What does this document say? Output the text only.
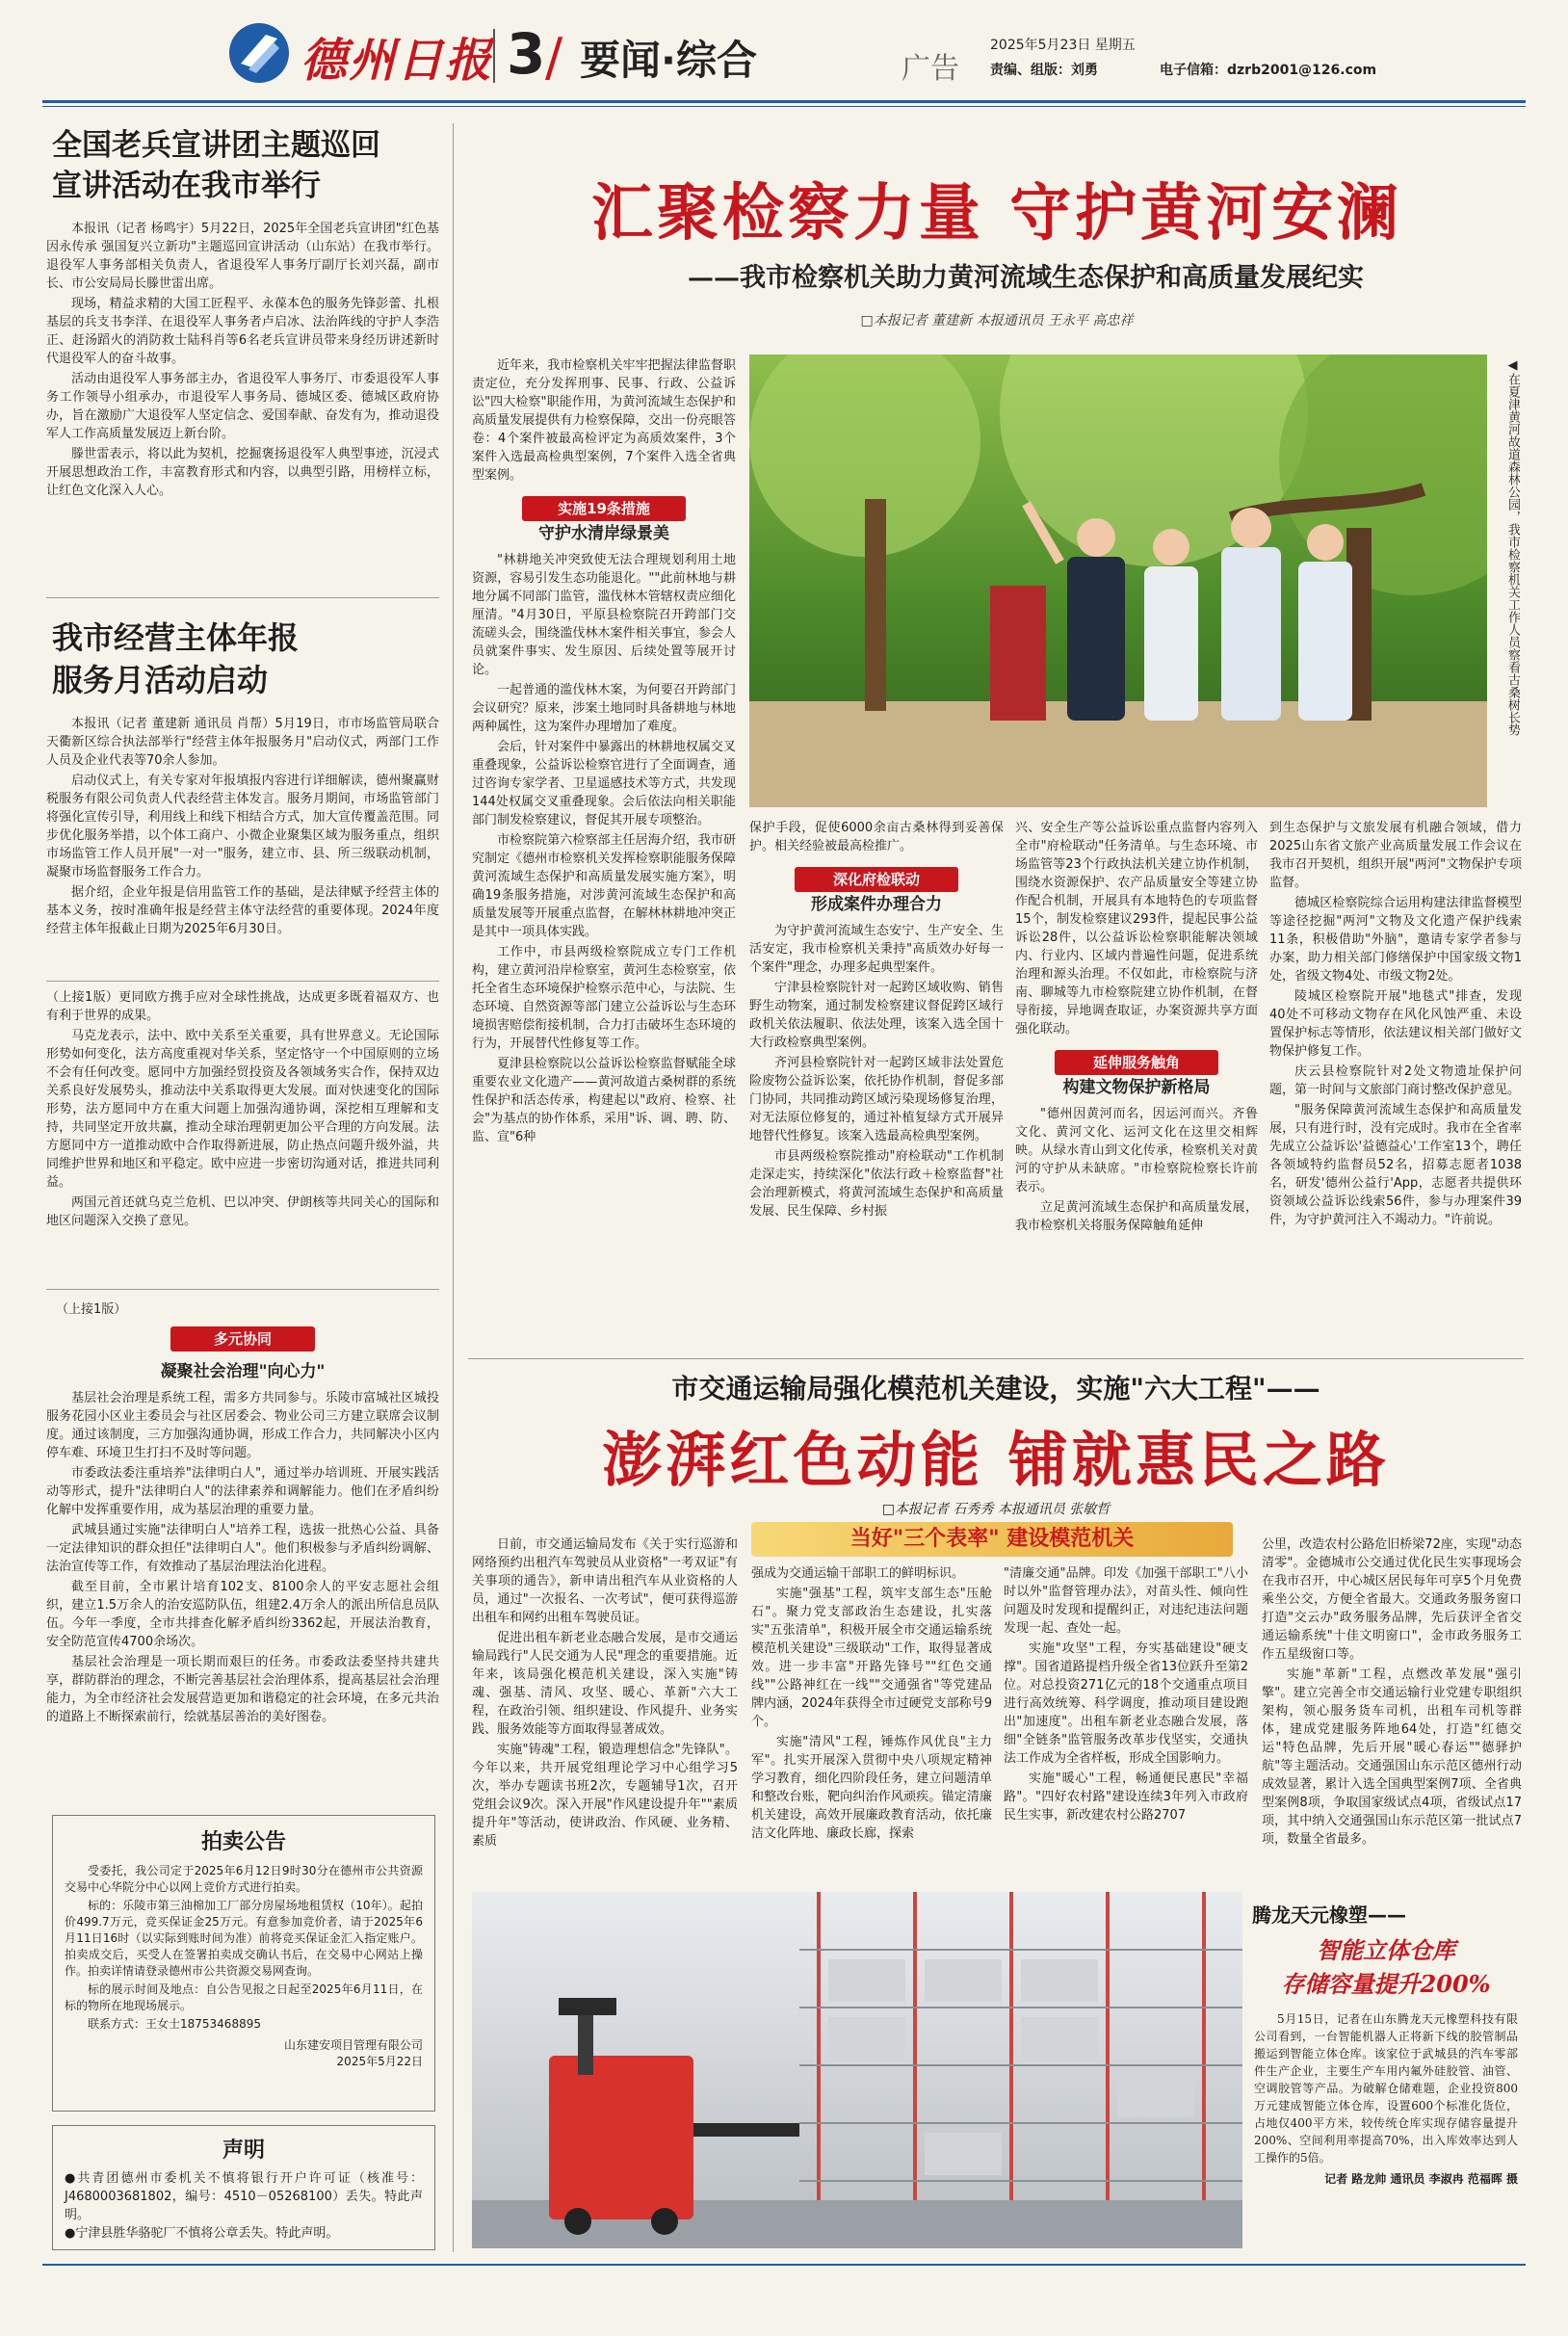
德州日报 3 / 要闻·综合	广告
2025年5月23日 星期五
责编、组版：刘勇	电子信箱：dzrb2001@126.com
全国老兵宣讲团主题巡回
宣讲活动在我市举行

本报讯（记者 杨鸣宇）5月22日，2025年全国老兵宣讲团"红色基因永传承 强国复兴立新功"主题巡回宣讲活动（山东站）在我市举行。退役军人事务部相关负责人，省退役军人事务厅副厅长刘兴磊，副市长、市公安局局长滕世雷出席。

现场，精益求精的大国工匠程平、永葆本色的服务先锋彭蕾、扎根基层的兵支书李洋、在退役军人事务者卢启冰、法治阵线的守护人李浩正、赶汤蹈火的消防救士陆科肖等6名老兵宣讲员带来身经历讲述新时代退役军人的奋斗故事。

活动由退役军人事务部主办，省退役军人事务厅、市委退役军人事务工作领导小组承办，市退役军人事务局、德城区委、德城区政府协办，旨在激励广大退役军人坚定信念、爱国奉献、奋发有为，推动退役军人工作高质量发展迈上新台阶。

滕世雷表示，将以此为契机，挖掘褒扬退役军人典型事迹，沉浸式开展思想政治工作，丰富教育形式和内容，以典型引路，用榜样立标，让红色文化深入人心。

我市经营主体年报
服务月活动启动

本报讯（记者 董建新 通讯员 肖帮）5月19日，市市场监管局联合天衢新区综合执法部举行"经营主体年报服务月"启动仪式，两部门工作人员及企业代表等70余人参加。

启动仪式上，有关专家对年报填报内容进行详细解读，德州聚赢财税服务有限公司负责人代表经营主体发言。服务月期间，市场监管部门将强化宣传引导，利用线上和线下相结合方式，加大宣传覆盖范围。同步优化服务举措，以个体工商户、小微企业聚集区域为服务重点，组织市场监管工作人员开展"一对一"服务，建立市、县、所三级联动机制，凝聚市场监督服务工作合力。

据介绍，企业年报是信用监管工作的基础，是法律赋予经营主体的基本义务，按时准确年报是经营主体守法经营的重要体现。2024年度经营主体年报截止日期为2025年6月30日。

（上接1版）更同欧方携手应对全球性挑战，达成更多既着福双方、也有利于世界的成果。

马克龙表示，法中、欧中关系至关重要，具有世界意义。无论国际形势如何变化，法方高度重视对华关系，坚定恪守一个中国原则的立场不会有任何改变。愿同中方加强经贸投资及各领域务实合作，保持双边关系良好发展势头，推动法中关系取得更大发展。面对快速变化的国际形势，法方愿同中方在重大问题上加强沟通协调，深挖相互理解和支持，共同坚定开放共赢，推动全球治理朝更加公平合理的方向发展。法方愿同中方一道推动欧中合作取得新进展，防止热点问题升级外溢，共同维护世界和地区和平稳定。欧中应进一步密切沟通对话，推进共同利益。

两国元首还就乌克兰危机、巴以冲突、伊朗核等共同关心的国际和地区问题深入交换了意见。

（上接1版）
多元协同
凝聚社会治理"向心力"

基层社会治理是系统工程，需多方共同参与。乐陵市富城社区城投服务花园小区业主委员会与社区居委会、物业公司三方建立联席会议制度。通过该制度，三方加强沟通协调，形成工作合力，共同解决小区内停车难、环境卫生打扫不及时等问题。

市委政法委注重培养"法律明白人"，通过举办培训班、开展实践活动等形式，提升"法律明白人"的法律素养和调解能力。他们在矛盾纠纷化解中发挥重要作用，成为基层治理的重要力量。

武城县通过实施"法律明白人"培养工程，选拔一批热心公益、具备一定法律知识的群众担任"法律明白人"。他们积极参与矛盾纠纷调解、法治宣传等工作，有效推动了基层治理法治化进程。

截至目前，全市累计培育102支、8100余人的平安志愿社会组织，建立1.5万余人的治安巡防队伍，组建2.4万余人的派出所信息员队伍。今年一季度，全市共排查化解矛盾纠纷3362起，开展法治教育，安全防范宣传4700余场次。

基层社会治理是一项长期而艰巨的任务。市委政法委坚持共建共享，群防群治的理念，不断完善基层社会治理体系，提高基层社会治理能力，为全市经济社会发展营造更加和谐稳定的社会环境，在多元共治的道路上不断探索前行，绘就基层善治的美好图卷。

拍卖公告

受委托，我公司定于2025年6月12日9时30分在德州市公共资源交易中心华院分中心以网上竞价方式进行拍卖。

标的：乐陵市第三油棉加工厂部分房屋场地租赁权（10年）。起拍价499.7万元，竞买保证金25万元。有意参加竞价者，请于2025年6月11日16时（以实际到账时间为准）前将竞买保证金汇入指定账户。拍卖成交后，买受人在签署拍卖成交确认书后，在交易中心网站上操作。拍卖详情请登录德州市公共资源交易网查询。

标的展示时间及地点：自公告见报之日起至2025年6月11日，在标的物所在地现场展示。

联系方式：王女士18753468895

山东建安项目管理有限公司
2025年5月22日
声明
●共青团德州市委机关不慎将银行开户许可证（核准号：J4680003681802，编号：4510－05268100）丢失。特此声明。
●宁津县胜华骆驼厂不慎将公章丢失。特此声明。
汇聚检察力量 守护黄河安澜
——我市检察机关助力黄河流域生态保护和高质量发展纪实
□本报记者 董建新 本报通讯员 王永平 高忠祥
◀在夏津黄河故道森林公园，我市检察机关工作人员察看古桑树长势

近年来，我市检察机关牢牢把握法律监督职责定位，充分发挥刑事、民事、行政、公益诉讼"四大检察"职能作用，为黄河流域生态保护和高质量发展提供有力检察保障，交出一份亮眼答卷：4个案件被最高检评定为高质效案件，3个案件入选最高检典型案例，7个案件入选全省典型案例。

实施19条措施
守护水清岸绿景美

"林耕地关冲突致使无法合理规划利用土地资源，容易引发生态功能退化。""此前林地与耕地分属不同部门监管，滥伐林木管辖权责应细化厘清。"4月30日，平原县检察院召开跨部门交流磋头会，围绕滥伐林木案件相关事宜，参会人员就案件事实、发生原因、后续处置等展开讨论。

一起普通的滥伐林木案，为何要召开跨部门会议研究？原来，涉案土地同时具备耕地与林地两种属性，这为案件办理增加了难度。

会后，针对案件中暴露出的林耕地权属交叉重叠现象，公益诉讼检察官进行了全面调查，通过咨询专家学者、卫星遥感技术等方式，共发现144处权属交叉重叠现象。会后依法向相关职能部门制发检察建议，督促其开展专项整治。

市检察院第六检察部主任居海介绍，我市研究制定《德州市检察机关发挥检察职能服务保障黄河流域生态保护和高质量发展实施方案》，明确19条服务措施，对涉黄河流域生态保护和高质量发展等开展重点监督，在解林林耕地冲突正是其中一项具体实践。

工作中，市县两级检察院成立专门工作机构，建立黄河沿岸检察室，黄河生态检察室，依托全省生态环境保护检察示范中心，与法院、生态环境、自然资源等部门建立公益诉讼与生态环境损害赔偿衔接机制，合力打击破坏生态环境的行为，开展替代性修复等工作。

夏津县检察院以公益诉讼检察监督赋能全球重要农业文化遗产——黄河故道古桑树群的系统性保护和活态传承，构建起以"政府、检察、社会"为基点的协作体系，采用"诉、调、聘、防、监、宣"6种

保护手段，促使6000余亩古桑林得到妥善保护。相关经验被最高检推广。

深化府检联动
形成案件办理合力

为守护黄河流域生态安宁、生产安全、生活安定，我市检察机关秉持"高质效办好每一个案件"理念，办理多起典型案件。

宁津县检察院针对一起跨区域收购、销售野生动物案，通过制发检察建议督促跨区域行政机关依法履职、依法处理，该案入选全国十大行政检察典型案例。

齐河县检察院针对一起跨区域非法处置危险废物公益诉讼案，依托协作机制，督促多部门协同，共同推动跨区域污染现场修复治理，对无法原位修复的，通过补植复绿方式开展异地替代性修复。该案入选最高检典型案例。

市县两级检察院推动"府检联动"工作机制走深走实，持续深化"依法行政＋检察监督"社会治理新模式，将黄河流域生态保护和高质量发展、民生保障、乡村振

兴、安全生产等公益诉讼重点监督内容列入全市"府检联动"任务清单。与生态环境、市场监管等23个行政执法机关建立协作机制，围绕水资源保护、农产品质量安全等建立协作配合机制，开展具有本地特色的专项监督15个，制发检察建议293件，提起民事公益诉讼28件，以公益诉讼检察职能解决领域内、行业内、区域内普遍性问题，促进系统治理和源头治理。不仅如此，市检察院与济南、聊城等九市检察院建立协作机制，在督导衔接，异地调查取证，办案资源共享方面强化联动。

延伸服务触角
构建文物保护新格局

"德州因黄河而名，因运河而兴。齐鲁文化、黄河文化、运河文化在这里交相辉映。从绿水青山到文化传承，检察机关对黄河的守护从未缺席。"市检察院检察长许前表示。

立足黄河流域生态保护和高质量发展，我市检察机关将服务保障触角延伸

到生态保护与文旅发展有机融合领域，借力2025山东省文旅产业高质量发展工作会议在我市召开契机，组织开展"两河"文物保护专项监督。

德城区检察院综合运用构建法律监督模型等途径挖掘"两河"文物及文化遗产保护线索11条，积极借助"外脑"，邀请专家学者参与办案，助力相关部门修缮保护中国家级文物1处，省级文物4处、市级文物2处。

陵城区检察院开展"地毯式"排查，发现40处不可移动文物存在风化风蚀严重、未设置保护标志等情形，依法建议相关部门做好文物保护修复工作。

庆云县检察院针对2处文物遗址保护问题，第一时间与文旅部门商讨整改保护意见。

"服务保障黄河流域生态保护和高质量发展，只有进行时，没有完成时。我市在全省率先成立公益诉讼'益德益心'工作室13个，聘任各领域特约监督员52名，招募志愿者1038名，研发'德州公益行'App，志愿者共提供环资领域公益诉讼线索56件，参与办理案件39件，为守护黄河注入不竭动力。"许前说。

市交通运输局强化模范机关建设，实施"六大工程"——
澎湃红色动能 铺就惠民之路
□本报记者 石秀秀 本报通讯员 张敏哲
当好"三个表率" 建设模范机关

日前，市交通运输局发布《关于实行巡游和网络预约出租汽车驾驶员从业资格"一考双证"有关事项的通告》，新申请出租汽车从业资格的人员，通过"一次报名、一次考试"，便可获得巡游出租车和网约出租车驾驶员证。

促进出租车新老业态融合发展，是市交通运输局践行"人民交通为人民"理念的重要措施。近年来，该局强化模范机关建设，深入实施"铸魂、强基、清风、攻坚、暖心、革新"六大工程，在政治引领、组织建设、作风提升、业务实践、服务效能等方面取得显著成效。

实施"铸魂"工程，锻造理想信念"先锋队"。今年以来，共开展党组理论学习中心组学习5次，举办专题读书班2次，专题辅导1次，召开党组会议9次。深入开展"作风建设提升年""素质提升年"等活动，使讲政治、作风硬、业务精、素质

强成为交通运输干部职工的鲜明标识。

实施"强基"工程，筑牢支部生态"压舱石"。聚力党支部政治生态建设，扎实落实"五张清单"，积极开展全市交通运输系统模范机关建设"三级联动"工作，取得显著成效。进一步丰富"开路先锋号""红色交通线""公路神红在一线""交通强省"等党建品牌内涵，2024年获得全市过硬党支部称号9个。

实施"清风"工程，锤炼作风优良"主力军"。扎实开展深入贯彻中央八项规定精神学习教育，细化四阶段任务，建立问题清单和整改台账，靶向纠治作风顽疾。锚定清廉机关建设，高效开展廉政教育活动，依托廉洁文化阵地、廉政长廊，探索

"清廉交通"品牌。印发《加强干部职工"八小时以外"监督管理办法》，对苗头性、倾向性问题及时发现和提醒纠正，对违纪违法问题发现一起、查处一起。

实施"攻坚"工程，夯实基础建设"硬支撑"。国省道路提档升级全省13位跃升至第2位。对总投资271亿元的18个交通重点项目进行高效统筹、科学调度，推动项目建设跑出"加速度"。出租车新老业态融合发展，落细"全链条"监管服务改革步伐坚实，交通执法工作成为全省样板，形成全国影响力。

实施"暖心"工程，畅通便民惠民"幸福路"。"四好农村路"建设连续3年列入市政府民生实事，新改建农村公路2707

公里，改造农村公路危旧桥梁72座，实现"动态清零"。金德城市公交通过优化民生实事现场会在我市召开，中心城区居民每年可享5个月免费乘坐公交，方便全省最大。交通政务服务窗口打造"交云办"政务服务品牌，先后获评全省交通运输系统"十佳文明窗口"，金市政务服务工作五星级窗口等。

实施"革新"工程，点燃改革发展"强引擎"。建立完善全市交通运输行业党建专职组织架构，领心服务货车司机，出租车司机等群体，建成党建服务阵地64处，打造"红德交运"特色品牌，先后开展"暖心春运""德驿护航"等主题活动。交通强国山东示范区德州行动成效显著，累计入选全国典型案例7项、全省典型案例8项，争取国家级试点4项，省级试点17项，其中纳入交通强国山东示范区第一批试点7项，数量全省最多。

腾龙天元橡塑——
智能立体仓库
存储容量提升200%
5月15日，记者在山东腾龙天元橡塑科技有限公司看到，一台智能机器人正将新下线的胶管制品搬运到智能立体仓库。该家位于武城县的汽车零部件生产企业，主要生产车用内氟外硅胶管、油管、空调胶管等产品。为破解仓储难题，企业投资800万元建成智能立体仓库，设置600个标准化货位，占地仅400平方米，较传统仓库实现存储容量提升200%、空间利用率提高70%，出入库效率达到人工操作的5倍。
记者 路龙帅 通讯员 李淑冉 范福晖 摄
